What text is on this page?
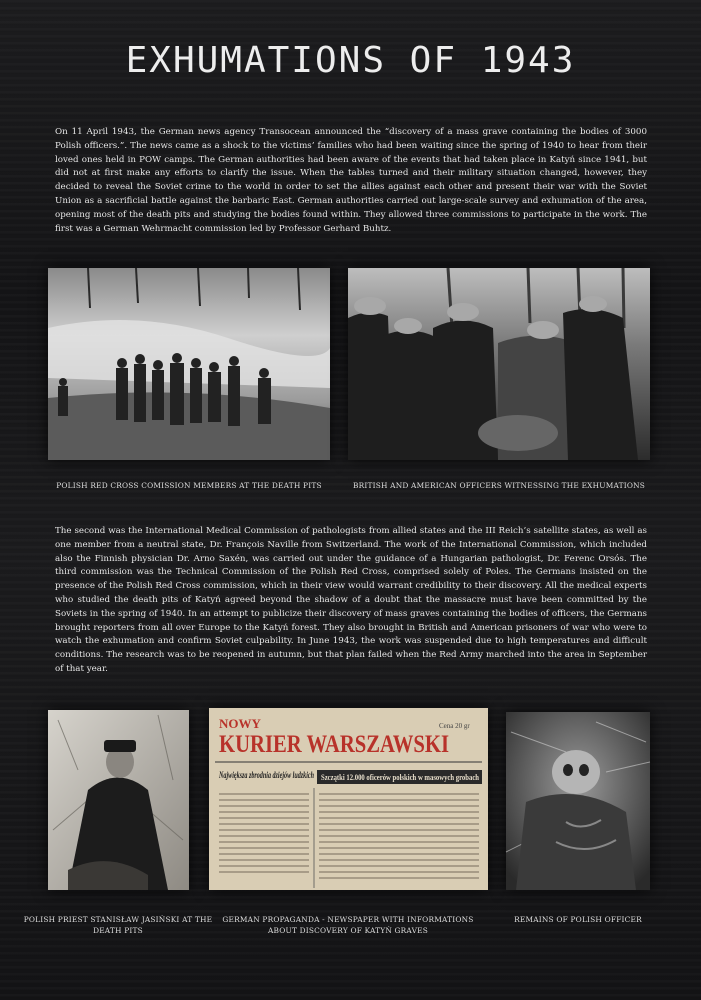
EXHUMATIONS OF 1943

On 11 April 1943, the German news agency Transocean announced the “discovery of a mass grave containing the bodies of 3000 Polish officers.”. The news came as a shock to the victims’ families who had been waiting since the spring of 1940 to hear from their loved ones held in POW camps. The German authorities had been aware of the events that had taken place in Katyń since 1941, but did not at first make any efforts to clarify the issue. When the tables turned and their military situation changed, however, they decided to reveal the Soviet crime to the world in order to set the allies against each other and present their war with the Soviet Union as a sacrificial battle against the barbaric East. German authorities carried out large-scale survey and exhumation of the area, opening most of the death pits and studying the bodies found within. They allowed three commissions to participate in the work. The first was a German Wehrmacht commission led by Professor Gerhard Buhtz.

POLISH RED CROSS COMISSION MEMBERS AT THE DEATH PITS	BRITISH AND AMERICAN OFFICERS WITNESSING THE EXHUMATIONS

The second was the International Medical Commission of pathologists from allied states and the III Reich’s satellite states, as well as one member from a neutral state, Dr. François Naville from Switzerland. The work of the International Commission, which included also the Finnish physician Dr. Arno Saxén, was carried out under the guidance of a Hungarian pathologist, Dr. Ferenc Orsós. The third commission was the Technical Commission of the Polish Red Cross, comprised solely of Poles. The Germans insisted on the presence of the Polish Red Cross commission, which in their view would warrant credibility to their discovery. All the medical experts who studied the death pits of Katyń agreed beyond the shadow of a doubt that the massacre must have been committed by the Soviets in the spring of 1940. In an attempt to publicize their discovery of mass graves containing the bodies of officers, the Germans brought reporters from all over Europe to the Katyń forest. They also brought in British and American prisoners of war who were to watch the exhumation and confirm Soviet culpability. In June 1943, the work was suspended due to high temperatures and difficult conditions. The research was to be reopened in autumn, but that plan failed when the Red Army marched into the area in September of that year.

NOWY
KURIER WARSZAWSKI
Cena 20 gr
Największa zbrodnia dziejów ludzkich Szczątki 12.000 oficerów polskich w masowych grobach

POLISH PRIEST STANISŁAW JASIŃSKI AT THE DEATH PITS

GERMAN PROPAGANDA - NEWSPAPER WITH INFORMATIONS ABOUT DISCOVERY OF KATYŃ GRAVES

REMAINS OF POLISH OFFICER
